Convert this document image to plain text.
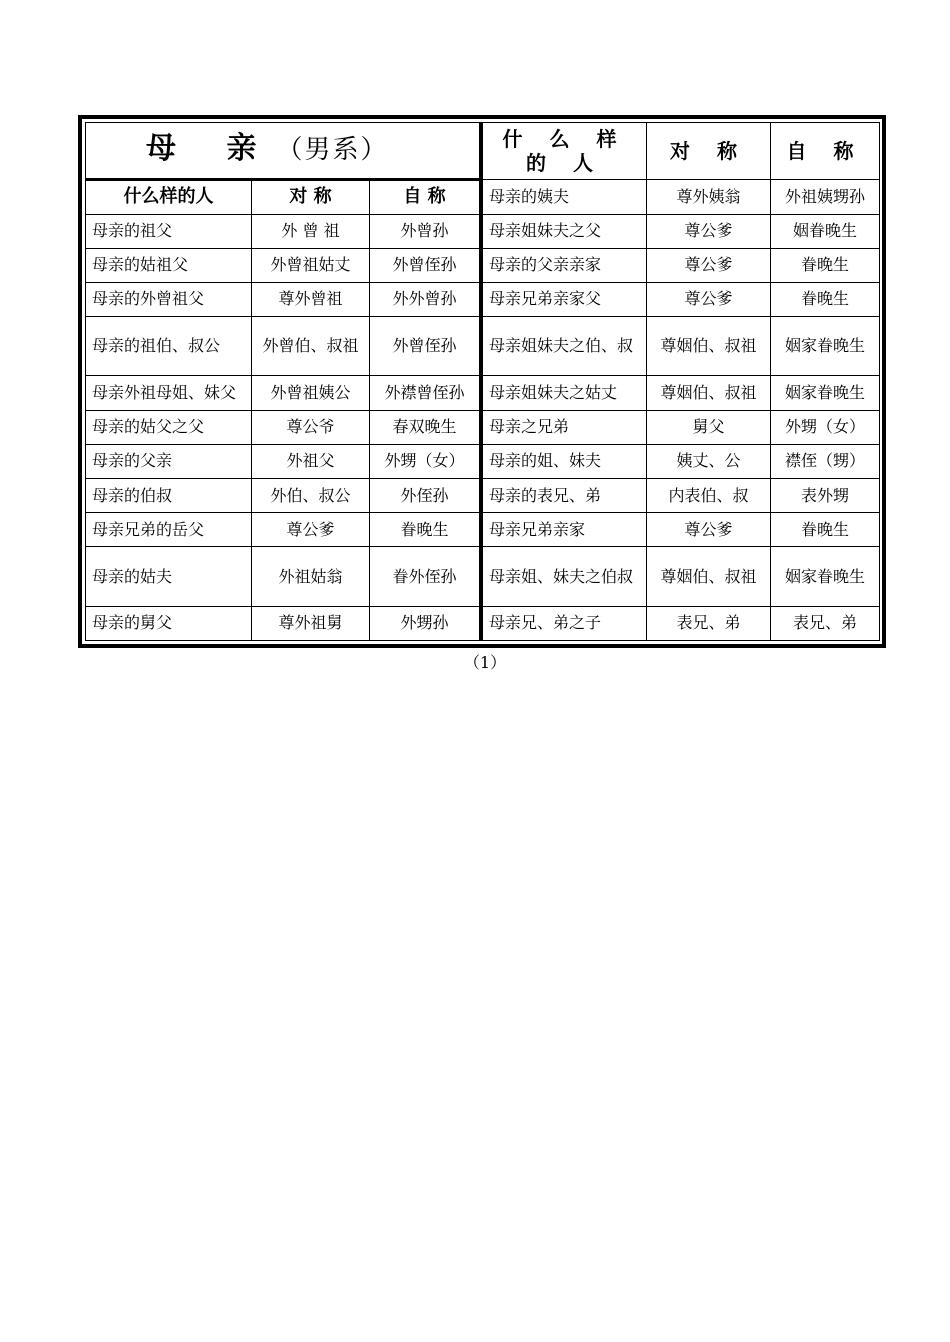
母 亲（男系）		
什么样的人	对 称	自 称
母亲的祖父	外 曾 祖	外曾孙
母亲的姑祖父	外曾祖姑丈	外曾侄孙
母亲的外曾祖父	尊外曾祖	外外曾孙
母亲的祖伯、叔公	外曾伯、叔祖	外曾侄孙
母亲外祖母姐、妹父	外曾祖姨公	外襟曾侄孙
母亲的姑父之父	尊公爷	春双晚生
母亲的父亲	外祖父	外甥（女）
母亲的伯叔	外伯、叔公	外侄孙
母亲兄弟的岳父	尊公爹	眷晚生
母亲的姑夫	外祖姑翁	眷外侄孙
母亲的舅父	尊外祖舅	外甥孙
什 么 样 的 人	对 称	自 称
母亲的姨夫	尊外姨翁	外祖姨甥孙
母亲姐妹夫之父	尊公爹	姻眷晚生
母亲的父亲亲家	尊公爹	眷晚生
母亲兄弟亲家父	尊公爹	眷晚生
母亲姐妹夫之伯、叔	尊姻伯、叔祖	姻家眷晚生
母亲姐妹夫之姑丈	尊姻伯、叔祖	姻家眷晚生
母亲之兄弟	舅父	外甥（女）
母亲的姐、妹夫	姨丈、公	襟侄（甥）
母亲的表兄、弟	内表伯、叔	表外甥
母亲兄弟亲家	尊公爹	眷晚生
母亲姐、妹夫之伯叔	尊姻伯、叔祖	姻家眷晚生
母亲兄、弟之子	表兄、弟	表兄、弟
（1）
